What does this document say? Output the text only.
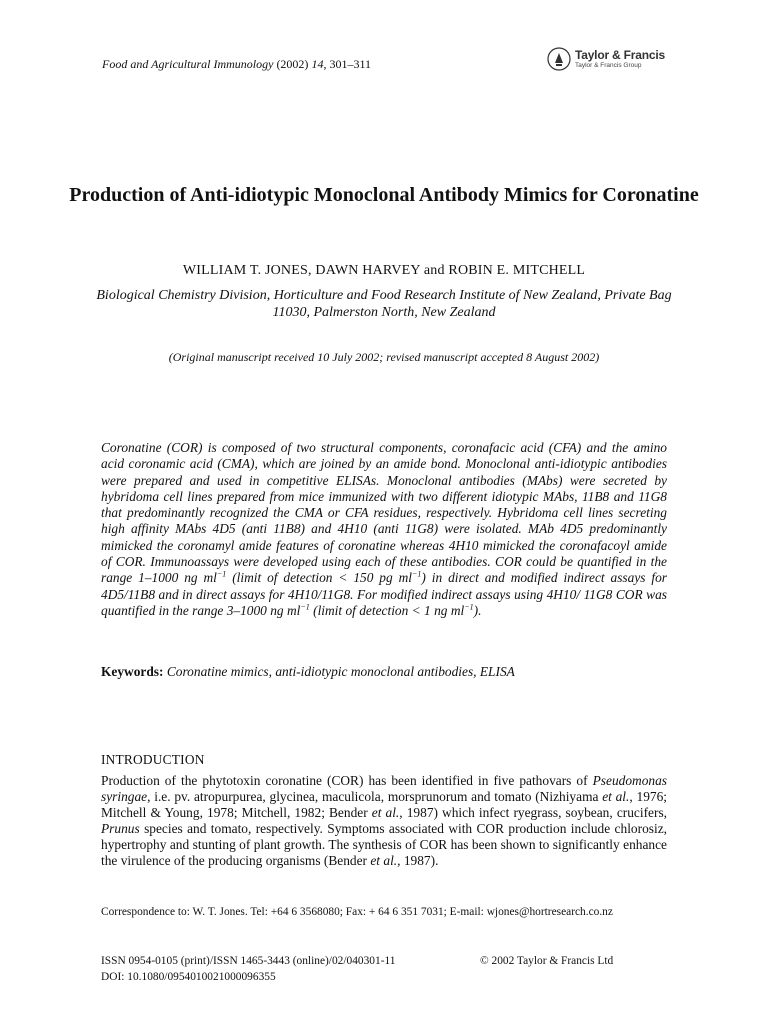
Food and Agricultural Immunology (2002) 14, 301–311
Taylor & Francis
Taylor & Francis Group
Production of Anti-idiotypic Monoclonal Antibody Mimics for Coronatine
WILLIAM T. JONES, DAWN HARVEY and ROBIN E. MITCHELL
Biological Chemistry Division, Horticulture and Food Research Institute of New Zealand, Private Bag 11030, Palmerston North, New Zealand
(Original manuscript received 10 July 2002; revised manuscript accepted 8 August 2002)

Coronatine (COR) is composed of two structural components, coronafacic acid (CFA) and the amino acid coronamic acid (CMA), which are joined by an amide bond. Monoclonal anti-idiotypic antibodies were prepared and used in competitive ELISAs. Monoclonal antibodies (MAbs) were secreted by hybridoma cell lines prepared from mice immunized with two different idiotypic MAbs, 11B8 and 11G8 that predominantly recognized the CMA or CFA residues, respectively. Hybridoma cell lines secreting high affinity MAbs 4D5 (anti 11B8) and 4H10 (anti 11G8) were isolated. MAb 4D5 predominantly mimicked the coronamyl amide features of coronatine whereas 4H10 mimicked the coronafacoyl amide of COR. Immunoassays were developed using each of these antibodies. COR could be quantified in the range 1–1000 ng $ml^{-1}$ (limit of detection < 150 pg $ml^{-1}$) in direct and modified indirect assays for 4D5/11B8 and in direct assays for 4H10/11G8. For modified indirect assays using 4H10/ 11G8 COR was quantified in the range 3–1000 ng $ml^{-1}$ (limit of detection < 1 ng $ml^{-1}$).

Keywords: Coronatine mimics, anti-idiotypic monoclonal antibodies, ELISA
INTRODUCTION

Production of the phytotoxin coronatine (COR) has been identified in five pathovars of Pseudomonas syringae, i.e. pv. atropurpurea, glycinea, maculicola, morsprunorum and tomato (Nizhiyama et al., 1976; Mitchell & Young, 1978; Mitchell, 1982; Bender et al., 1987) which infect ryegrass, soybean, crucifers, Prunus species and tomato, respectively. Symptoms associated with COR production include chlorosiz, hypertrophy and stunting of plant growth. The synthesis of COR has been shown to significantly enhance the virulence of the producing organisms (Bender et al., 1987).

Correspondence to: W. T. Jones. Tel: +64 6 3568080; Fax: + 64 6 351 7031; E-mail: wjones@hortresearch.co.nz
ISSN 0954-0105 (print)/ISSN 1465-3443 (online)/02/040301-11	© 2002 Taylor & Francis Ltd
DOI: 10.1080/0954010021000096355
